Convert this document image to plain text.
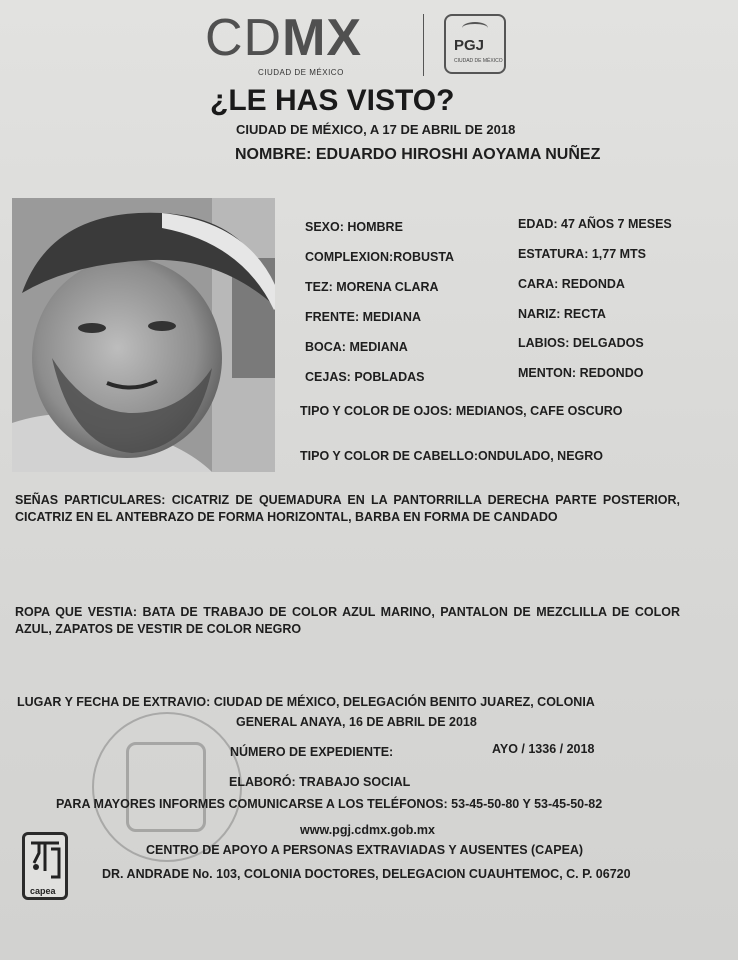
CDMX
CIUDAD DE MÉXICO
PGJ
CIUDAD DE MÉXICO
¿LE HAS VISTO?
CIUDAD DE MÉXICO, A 17 DE ABRIL DE 2018
NOMBRE: EDUARDO HIROSHI AOYAMA NUÑEZ
SEXO: HOMBRE	EDAD: 47 AÑOS 7 MESES
COMPLEXION:ROBUSTA	ESTATURA: 1,77 MTS
TEZ: MORENA CLARA	CARA: REDONDA
FRENTE: MEDIANA	NARIZ: RECTA
BOCA: MEDIANA	LABIOS: DELGADOS
CEJAS: POBLADAS	MENTON: REDONDO
TIPO Y COLOR DE OJOS: MEDIANOS, CAFE OSCURO
TIPO Y COLOR DE CABELLO:ONDULADO, NEGRO
SEÑAS PARTICULARES: CICATRIZ DE QUEMADURA EN LA PANTORRILLA DERECHA PARTE POSTERIOR, CICATRIZ EN EL ANTEBRAZO DE FORMA HORIZONTAL, BARBA EN FORMA DE CANDADO
ROPA QUE VESTIA: BATA DE TRABAJO DE COLOR AZUL MARINO, PANTALON DE MEZCLILLA DE COLOR AZUL, ZAPATOS DE VESTIR DE COLOR NEGRO
LUGAR Y FECHA DE EXTRAVIO: CIUDAD DE MÉXICO, DELEGACIÓN BENITO JUAREZ, COLONIA
GENERAL ANAYA, 16 DE ABRIL DE 2018
NÚMERO DE EXPEDIENTE:	AYO / 1336 / 2018
ELABORÓ: TRABAJO SOCIAL
PARA MAYORES INFORMES COMUNICARSE A LOS TELÉFONOS: 53-45-50-80 Y 53-45-50-82
www.pgj.cdmx.gob.mx
CENTRO DE APOYO A PERSONAS EXTRAVIADAS Y AUSENTES (CAPEA)
DR. ANDRADE No. 103, COLONIA DOCTORES, DELEGACION CUAUHTEMOC, C. P. 06720
capea
